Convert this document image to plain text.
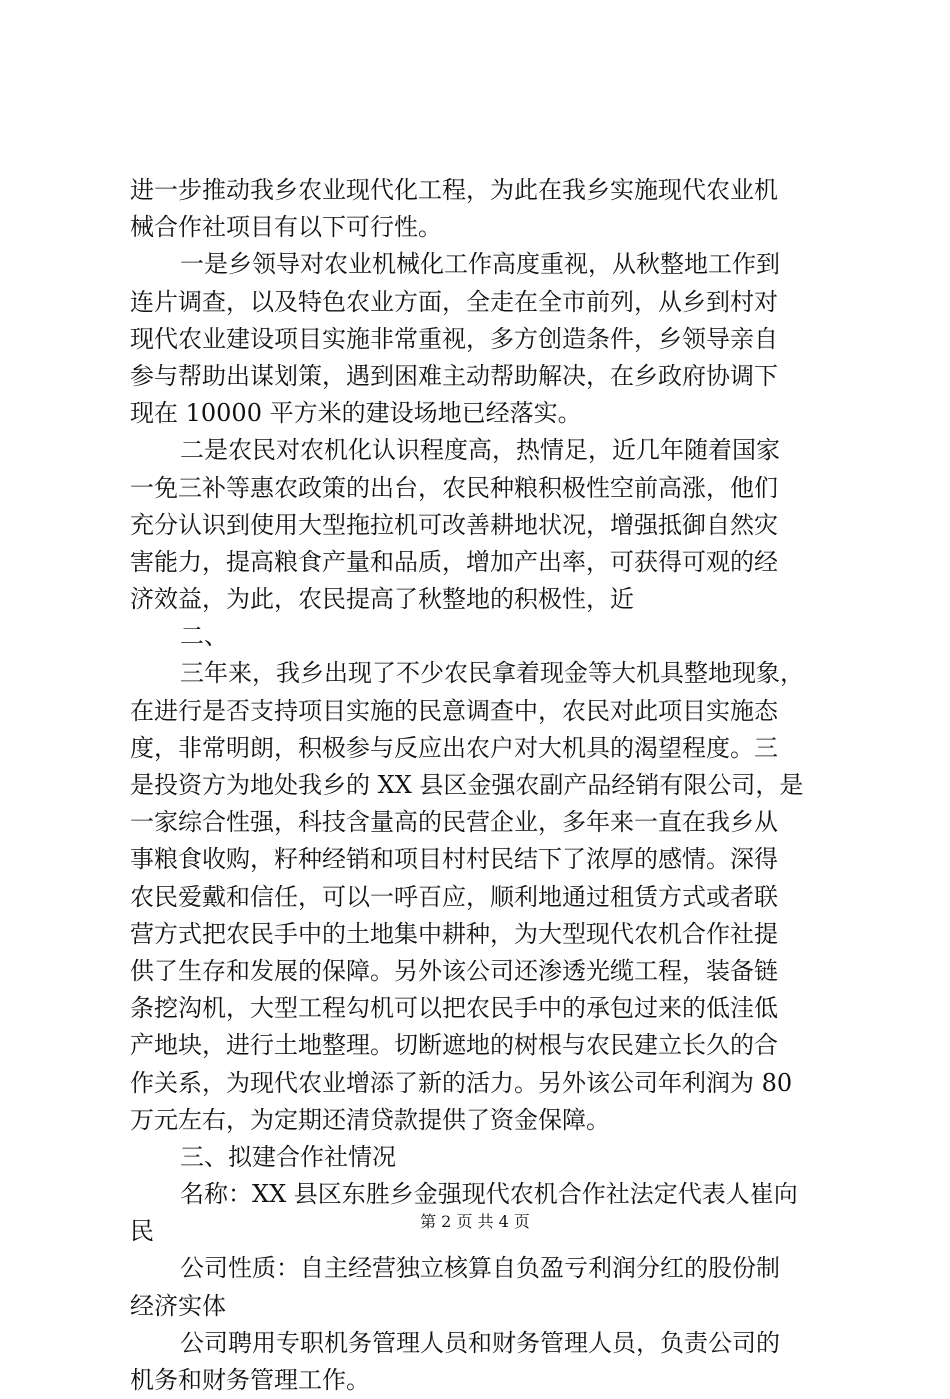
进一步推动我乡农业现代化工程，为此在我乡实施现代农业机
械合作社项目有以下可行性。
一是乡领导对农业机械化工作高度重视，从秋整地工作到
连片调查，以及特色农业方面，全走在全市前列，从乡到村对
现代农业建设项目实施非常重视，多方创造条件，乡领导亲自
参与帮助出谋划策，遇到困难主动帮助解决，在乡政府协调下
现在 10000 平方米的建设场地已经落实。
二是农民对农机化认识程度高，热情足，近几年随着国家
一免三补等惠农政策的出台，农民种粮积极性空前高涨，他们
充分认识到使用大型拖拉机可改善耕地状况，增强抵御自然灾
害能力，提高粮食产量和品质，增加产出率，可获得可观的经
济效益，为此，农民提高了秋整地的积极性，近
二、
三年来，我乡出现了不少农民拿着现金等大机具整地现象，
在进行是否支持项目实施的民意调查中，农民对此项目实施态
度，非常明朗，积极参与反应出农户对大机具的渴望程度。三
是投资方为地处我乡的 XX 县区金强农副产品经销有限公司，是
一家综合性强，科技含量高的民营企业，多年来一直在我乡从
事粮食收购，籽种经销和项目村村民结下了浓厚的感情。深得
农民爱戴和信任，可以一呼百应，顺利地通过租赁方式或者联
营方式把农民手中的土地集中耕种，为大型现代农机合作社提
供了生存和发展的保障。另外该公司还渗透光缆工程，装备链
条挖沟机，大型工程勾机可以把农民手中的承包过来的低洼低
产地块，进行土地整理。切断遮地的树根与农民建立长久的合
作关系，为现代农业增添了新的活力。另外该公司年利润为 80
万元左右，为定期还清贷款提供了资金保障。
三、拟建合作社情况
名称：XX 县区东胜乡金强现代农机合作社法定代表人崔向
民
公司性质：自主经营独立核算自负盈亏利润分红的股份制
经济实体
公司聘用专职机务管理人员和财务管理人员，负责公司的
机务和财务管理工作。
第 2 页 共 4 页
